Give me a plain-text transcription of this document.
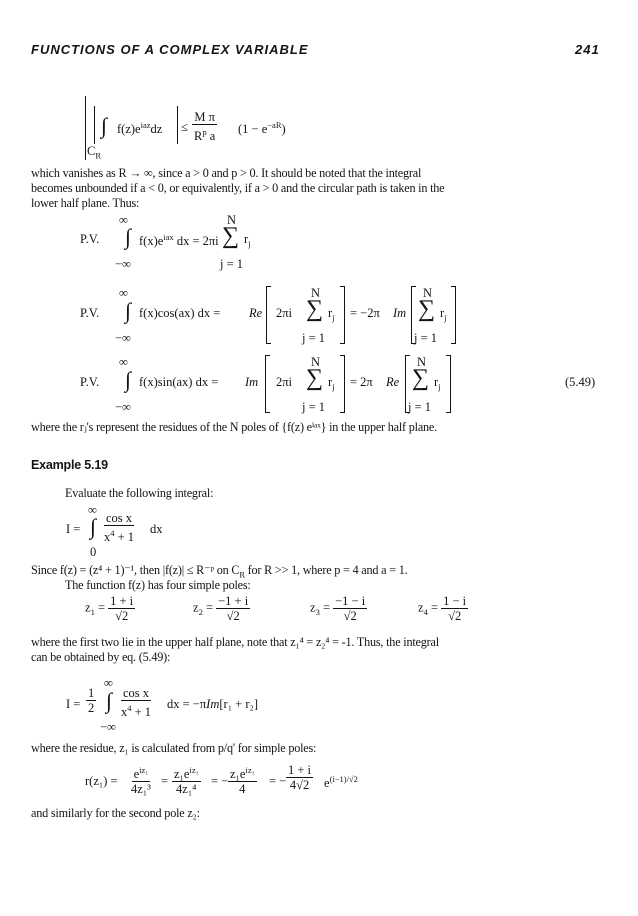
FUNCTIONS OF A COMPLEX VARIABLE	241
∫ $f(z)e^{iaz}dz$
$C_R$
≤ $\frac{\text{M π}}{R^p a} (1 - e^{-aR})$
which vanishes as R → ∞, since a > 0 and p > 0. It should be noted that the integral
becomes unbounded if a < 0, or equivalently, if a > 0 and the circular path is taken in the
lower half plane. Thus:
P.V.
∞
∫
−∞
$f(x)e^{iax}$ dx = 2πi
N
∑
j = 1
$r_j$
P.V.
∞
∫
−∞
f(x)cos(ax) dx = Re 2πi
N
∑
j = 1
$r_j = -2\pi$ Im
N
∑
j = 1
$r_j$
P.V.
∞
∫
−∞
f(x)sin(ax) dx = Im 2πi
N
∑
j = 1
$r_j = 2\pi$ Re
N
∑
j = 1
$r_j$	(5.49)
where the rⱼ's represent the residues of the N poles of {f(z) eⁱᵃˣ} in the upper half plane.
Example 5.19
Evaluate the following integral:
I =
∞
∫
0
$\frac{\text{cos x}}{x^4 + 1}$ dx
Since f(z) = (z⁴ + 1)⁻¹, then |f(z)| ≤ R⁻ᵖ on $C_R$ for R >> 1, where p = 4 and a = 1.
The function f(z) has four simple poles:
$z_1 = \frac{1 + i}{√2}$	$z_2 = \frac{-1 + i}{√2}$	$z_3 = \frac{-1 - i}{√2}$	$z_4 = \frac{1 - i}{√2}$
where the first two lie in the upper half plane, note that z₁⁴ = z₂⁴ = -1. Thus, the integral
can be obtained by eq. (5.49):
$I = \frac{1}{2}$
∞
∫
−∞
$\frac{\text{cos x}}{x^4 + 1}$ dx = −πIm[r₁ + r₂]
where the residue, z₁ is calculated from p/q' for simple poles:
$r(z_1) = \frac{e^{iz_1}}{\text{4z₁³}} = \frac{z_1e^{iz_1}}{\text{4z₁⁴}}$ = − $\frac{z_1e^{iz_1}}{4}$ = − $\frac{1 + i}{4√2} e^{(i-1)/√2}$
and similarly for the second pole z₂:
